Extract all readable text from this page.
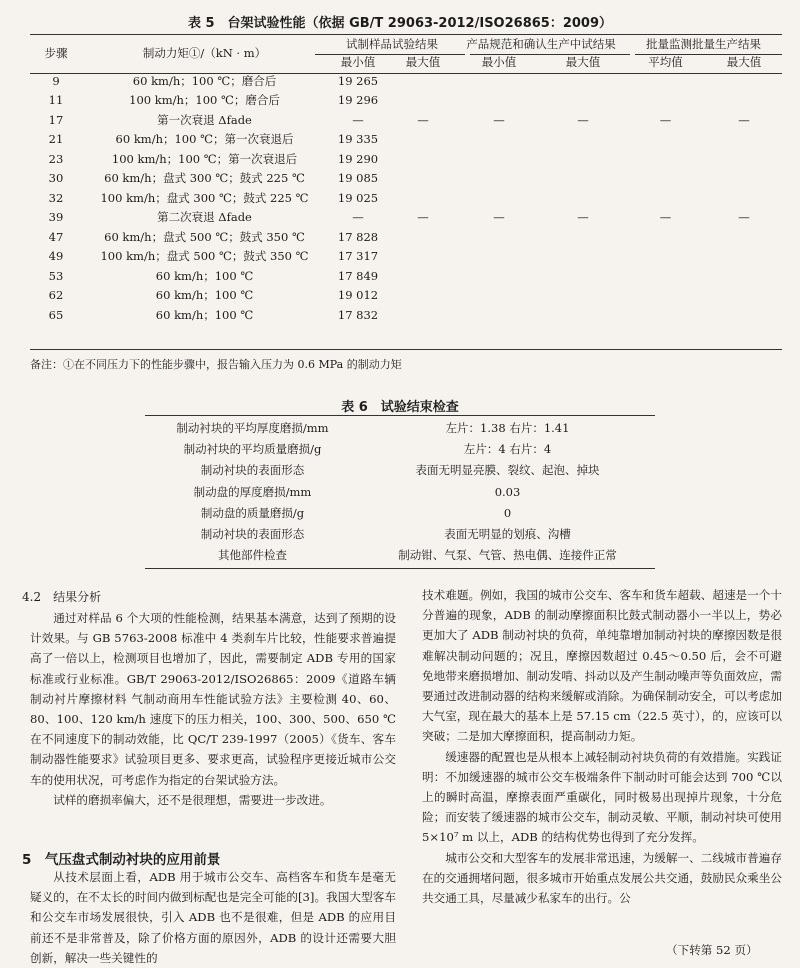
表 5　台架试验性能（依据 GB/T 29063-2012/ISO26865：2009）
步骤	制动力矩①/（kN · m）	试制样品试验结果		产品规范和确认生产中试结果		批量监测批量生产结果	
		最小值	最大值	最小值	最大值	平均值	最大值
9	60 km/h；100 ℃；磨合后	19 265					
11	100 km/h；100 ℃；磨合后	19 296					
17	第一次衰退 Δfade	—	—	—	—	—	—
21	60 km/h；100 ℃；第一次衰退后	19 335					
23	100 km/h；100 ℃；第一次衰退后	19 290					
30	60 km/h；盘式 300 ℃；鼓式 225 ℃	19 085					
32	100 km/h；盘式 300 ℃；鼓式 225 ℃	19 025					
39	第二次衰退 Δfade	—	—	—	—	—	—
47	60 km/h；盘式 500 ℃；鼓式 350 ℃	17 828					
49	100 km/h；盘式 500 ℃；鼓式 350 ℃	17 317					
53	60 km/h；100 ℃	17 849					
62	60 km/h；100 ℃	19 012					
65	60 km/h；100 ℃	17 832					
备注：①在不同压力下的性能步骤中，报告输入压力为 0.6 MPa 的制动力矩
表 6　试验结束检查
制动衬块的平均厚度磨损/mm	左片：1.38 右片：1.41
制动衬块的平均质量磨损/g	左片：4 右片：4
制动衬块的表面形态	表面无明显亮膜、裂纹、起泡、掉块
制动盘的厚度磨损/mm	0.03
制动盘的质量磨损/g	0
制动衬块的表面形态	表面无明显的划痕、沟槽
其他部件检查	制动钳、气泵、气管、热电偶、连接件正常
4.2　结果分析

通过对样品 6 个大项的性能检测，结果基本满意，达到了预期的设计效果。与 GB 5763-2008 标准中 4 类刹车片比较，性能要求普遍提高了一倍以上，检测项目也增加了，因此，需要制定 ADB 专用的国家标准或行业标准。GB/T 29063-2012/ISO26865：2009《道路车辆 制动衬片摩擦材料 气制动商用车性能试验方法》主要检测 40、60、80、100、120 km/h 速度下的压力相关，100、300、500、650 ℃在不同速度下的制动效能，比 QC/T 239-1997（2005）《货车、客车制动器性能要求》试验项目更多、要求更高，试验程序更接近城市公交车的使用状况，可考虑作为指定的台架试验方法。

试样的磨损率偏大，还不是很理想，需要进一步改进。

5　气压盘式制动衬块的应用前景

从技术层面上看，ADB 用于城市公交车、高档客车和货车是毫无疑义的，在不太长的时间内做到标配也是完全可能的[3]。我国大型客车和公交车市场发展很快，引入 ADB 也不是很难，但是 ADB 的应用目前还不是非常普及，除了价格方面的原因外，ADB 的设计还需要大胆创新，解决一些关键性的

技术难题。例如，我国的城市公交车、客车和货车超载、超速是一个十分普遍的现象，ADB 的制动摩擦面积比鼓式制动器小一半以上，势必更加大了 ADB 制动衬块的负荷，单纯靠增加制动衬块的摩擦因数是很难解决制动问题的；况且，摩擦因数超过 0.45～0.50 后，会不可避免地带来磨损增加、制动发啃、抖动以及产生制动噪声等负面效应，需要通过改进制动器的结构来缓解或消除。为确保制动安全，可以考虑加大气室，现在最大的基本上是 57.15 cm（22.5 英寸），的，应该可以突破；二是加大摩擦面积，提高制动力矩。

缓速器的配置也是从根本上减轻制动衬块负荷的有效措施。实践证明：不加缓速器的城市公交车极端条件下制动时可能会达到 700 ℃以上的瞬时高温，摩擦表面严重碳化，同时极易出现掉片现象，十分危险；而安装了缓速器的城市公交车，制动灵敏、平顺，制动衬块可使用 5×10⁷ m 以上，ADB 的结构优势也得到了充分发挥。

城市公交和大型客车的发展非常迅速，为缓解一、二线城市普遍存在的交通拥堵问题，很多城市开始重点发展公共交通，鼓励民众乘坐公共交通工具，尽量减少私家车的出行。公

（下转第 52 页）
